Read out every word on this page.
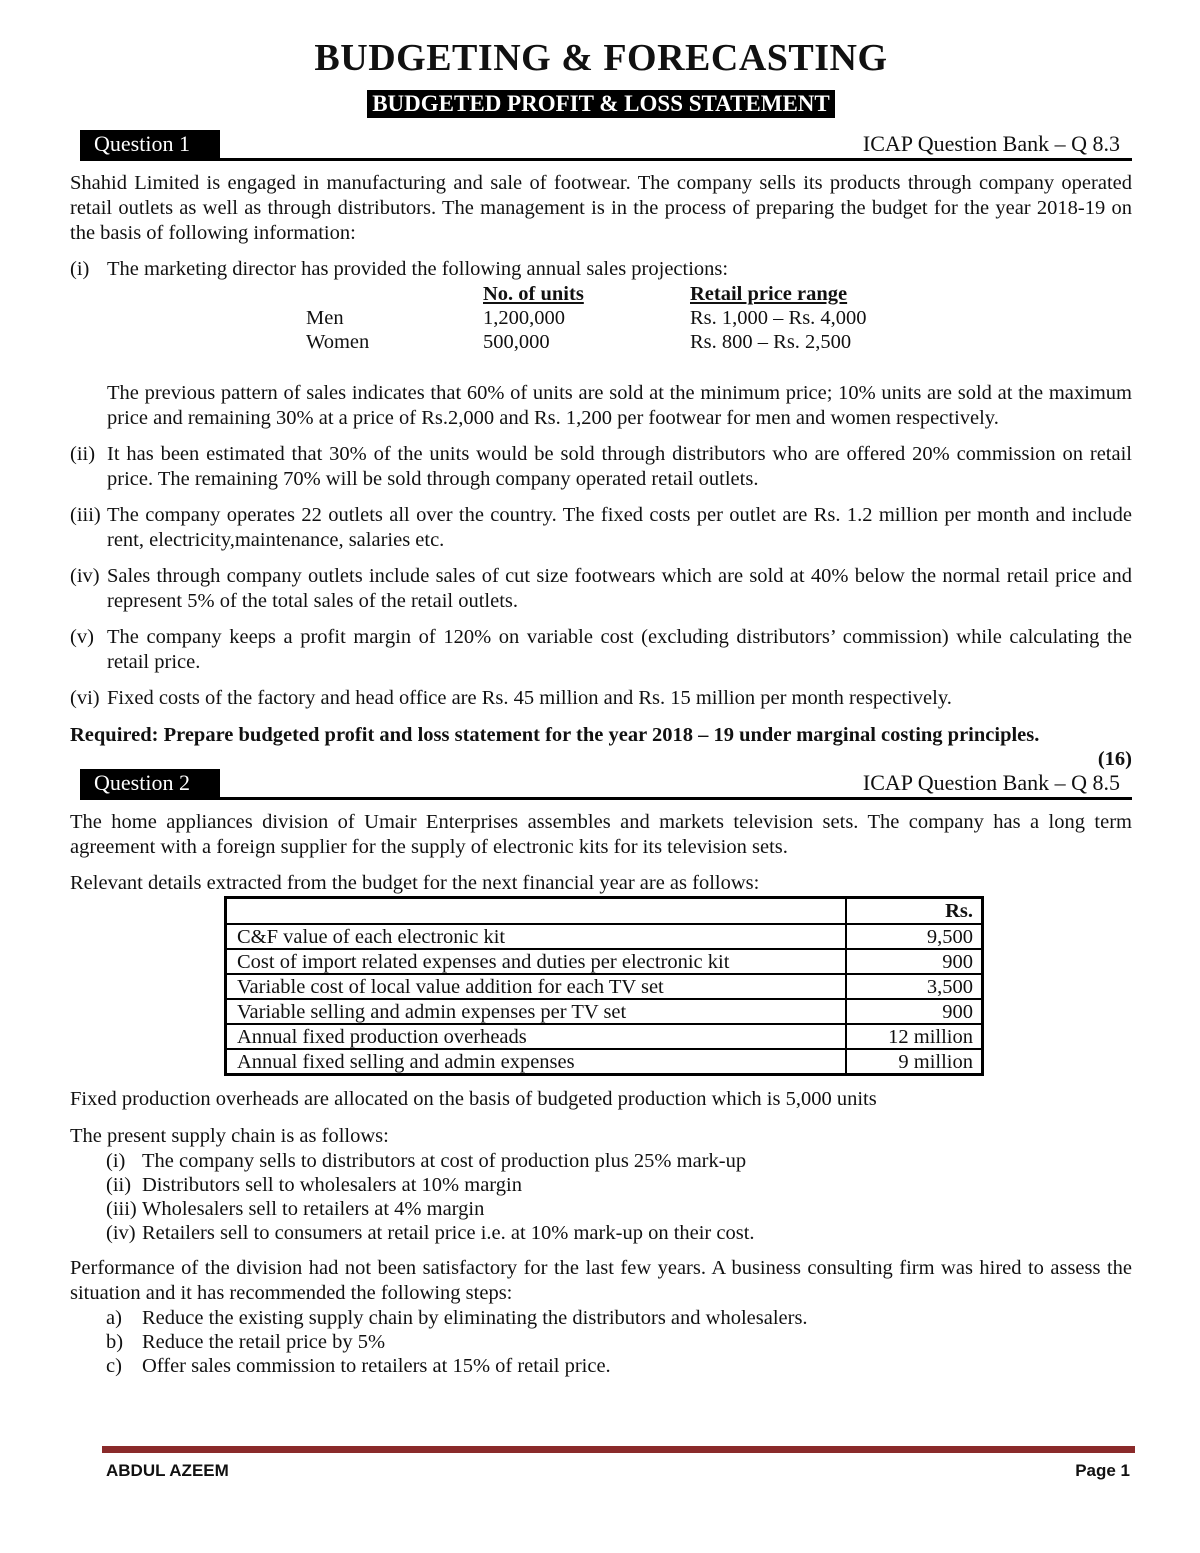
BUDGETING & FORECASTING
BUDGETED PROFIT & LOSS STATEMENT
Question 1	ICAP Question Bank – Q 8.3

Shahid Limited is engaged in manufacturing and sale of footwear. The company sells its products through company operated retail outlets as well as through distributors. The management is in the process of preparing the budget for the year 2018-19 on the basis of following information:

(i) The marketing director has provided the following annual sales projections:
	No. of units	Retail price range
Men	1,200,000	Rs. 1,000 – Rs. 4,000
Women	500,000	Rs. 800 – Rs. 2,500

The previous pattern of sales indicates that 60% of units are sold at the minimum price; 10% units are sold at the maximum price and remaining 30% at a price of Rs.2,000 and Rs. 1,200 per footwear for men and women respectively.

(ii) It has been estimated that 30% of the units would be sold through distributors who are offered 20% commission on retail price. The remaining 70% will be sold through company operated retail outlets.
(iii) The company operates 22 outlets all over the country. The fixed costs per outlet are Rs. 1.2 million per month and include rent, electricity,maintenance, salaries etc.
(iv) Sales through company outlets include sales of cut size footwears which are sold at 40% below the normal retail price and represent 5% of the total sales of the retail outlets.
(v) The company keeps a profit margin of 120% on variable cost (excluding distributors’ commission) while calculating the retail price.
(vi) Fixed costs of the factory and head office are Rs. 45 million and Rs. 15 million per month respectively.

Required: Prepare budgeted profit and loss statement for the year 2018 – 19 under marginal costing principles.

(16)

Question 2	ICAP Question Bank – Q 8.5

The home appliances division of Umair Enterprises assembles and markets television sets. The company has a long term agreement with a foreign supplier for the supply of electronic kits for its television sets.

Relevant details extracted from the budget for the next financial year are as follows:

	Rs.
C&F value of each electronic kit	9,500
Cost of import related expenses and duties per electronic kit	900
Variable cost of local value addition for each TV set	3,500
Variable selling and admin expenses per TV set	900
Annual fixed production overheads	12 million
Annual fixed selling and admin expenses	9 million

Fixed production overheads are allocated on the basis of budgeted production which is 5,000 units

The present supply chain is as follows:

(i) The company sells to distributors at cost of production plus 25% mark-up
(ii) Distributors sell to wholesalers at 10% margin
(iii) Wholesalers sell to retailers at 4% margin
(iv) Retailers sell to consumers at retail price i.e. at 10% mark-up on their cost.

Performance of the division had not been satisfactory for the last few years. A business consulting firm was hired to assess the situation and it has recommended the following steps:

a) Reduce the existing supply chain by eliminating the distributors and wholesalers.
b) Reduce the retail price by 5%
c) Offer sales commission to retailers at 15% of retail price.
ABDUL AZEEM	Page 1
